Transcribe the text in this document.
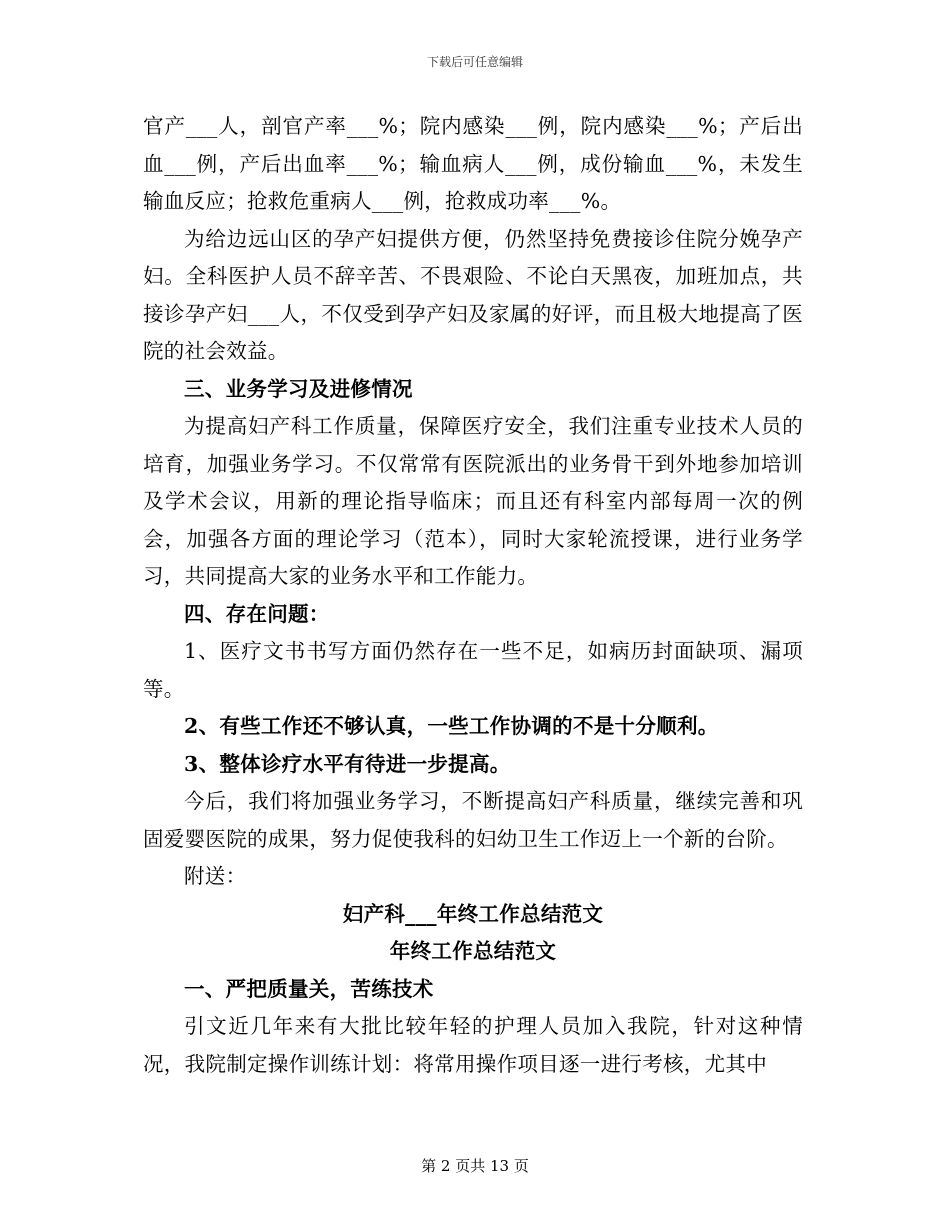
下载后可任意编辑

官产___人，剖官产率___%；院内感染___例，院内感染___%；产后出血___例，产后出血率___%；输血病人___例，成份输血___%，未发生输血反应；抢救危重病人___例，抢救成功率___%。

为给边远山区的孕产妇提供方便，仍然坚持免费接诊住院分娩孕产妇。全科医护人员不辞辛苦、不畏艰险、不论白天黑夜，加班加点，共接诊孕产妇___人，不仅受到孕产妇及家属的好评，而且极大地提高了医院的社会效益。

三、业务学习及进修情况

为提高妇产科工作质量，保障医疗安全，我们注重专业技术人员的培育，加强业务学习。不仅常常有医院派出的业务骨干到外地参加培训及学术会议，用新的理论指导临床；而且还有科室内部每周一次的例会，加强各方面的理论学习（范本），同时大家轮流授课，进行业务学习，共同提高大家的业务水平和工作能力。

四、存在问题：

1、医疗文书书写方面仍然存在一些不足，如病历封面缺项、漏项等。

2、有些工作还不够认真，一些工作协调的不是十分顺利。

3、整体诊疗水平有待进一步提高。

今后，我们将加强业务学习，不断提高妇产科质量，继续完善和巩固爱婴医院的成果，努力促使我科的妇幼卫生工作迈上一个新的台阶。

附送：

妇产科___年终工作总结范文

年终工作总结范文

一、严把质量关，苦练技术

引文近几年来有大批比较年轻的护理人员加入我院，针对这种情况，我院制定操作训练计划：将常用操作项目逐一进行考核，尤其中

第 2 页共 13 页
